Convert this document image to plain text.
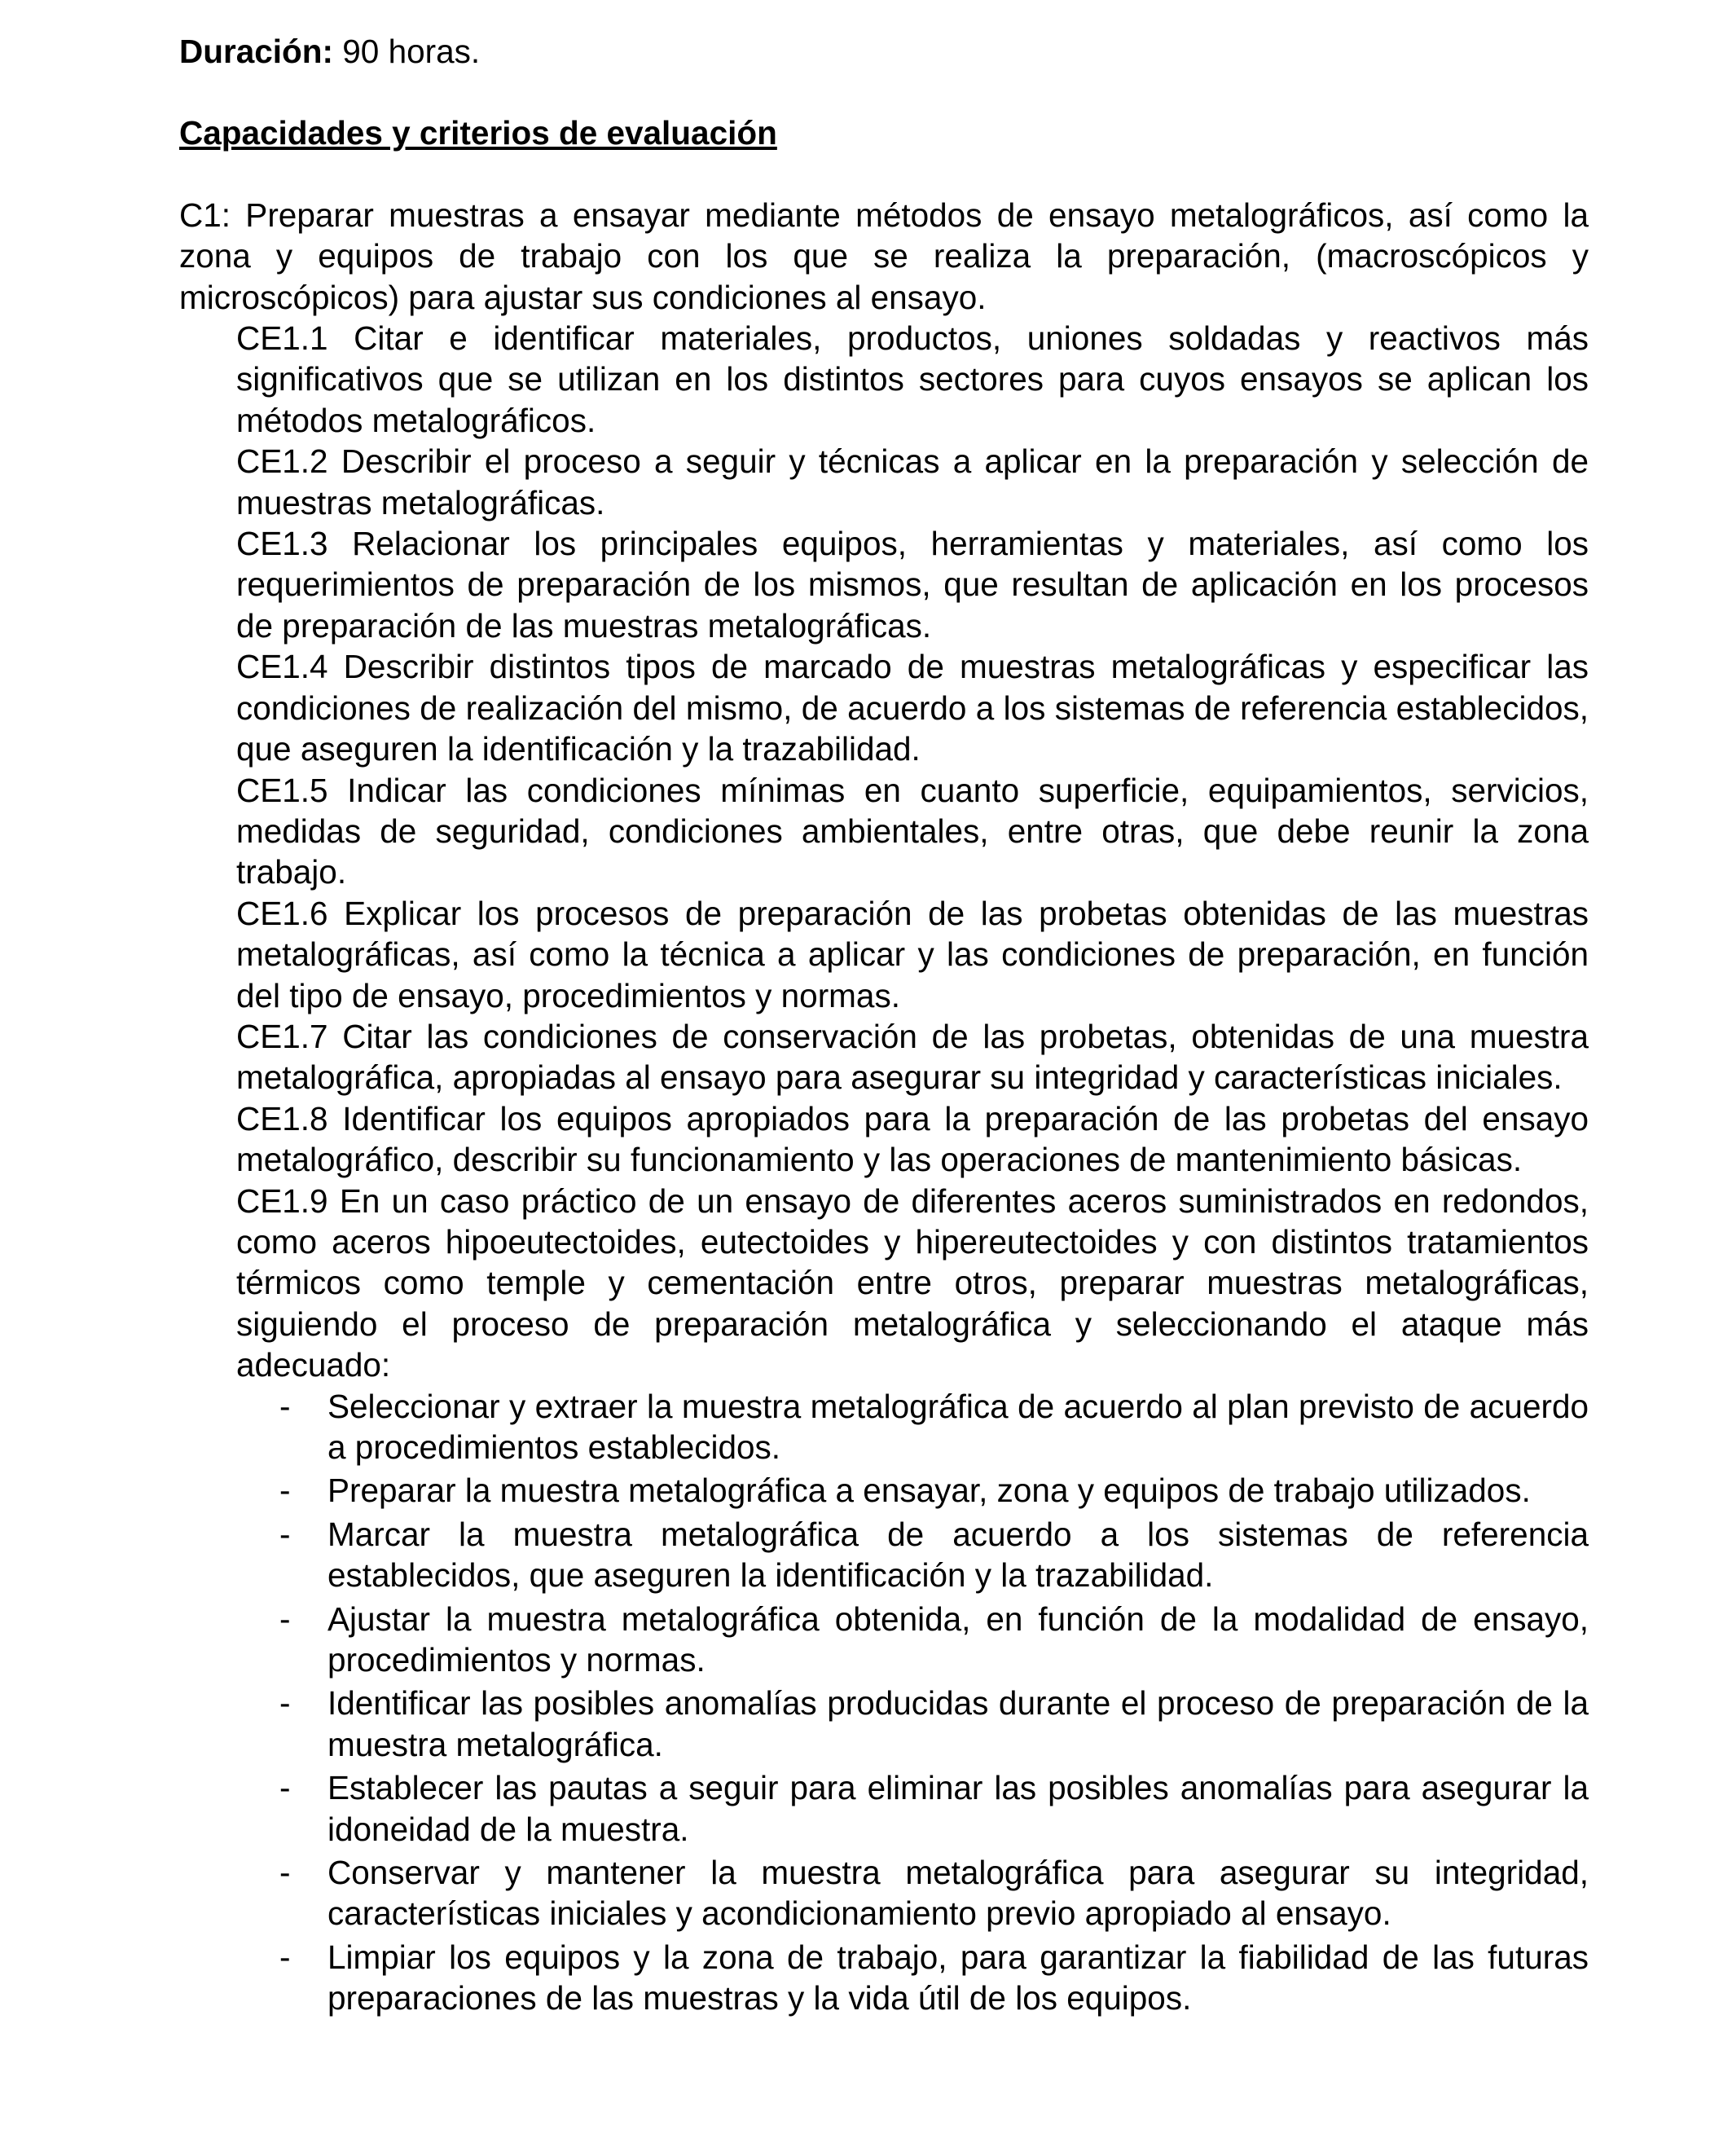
Duración: 90 horas.

Capacidades y criterios de evaluación

C1: Preparar muestras a ensayar mediante métodos de ensayo metalográficos, así como la zona y equipos de trabajo con los que se realiza la preparación, (macroscópicos y microscópicos) para ajustar sus condiciones al ensayo.

CE1.1 Citar e identificar materiales, productos, uniones soldadas y reactivos más significativos que se utilizan en los distintos sectores para cuyos ensayos se aplican los métodos metalográficos.

CE1.2 Describir el proceso a seguir y técnicas a aplicar en la preparación y selección de muestras metalográficas.

CE1.3 Relacionar los principales equipos, herramientas y materiales, así como los requerimientos de preparación de los mismos, que resultan de aplicación en los procesos de preparación de las muestras metalográficas.

CE1.4 Describir distintos tipos de marcado de muestras metalográficas y especificar las condiciones de realización del mismo, de acuerdo a los sistemas de referencia establecidos, que aseguren la identificación y la trazabilidad.

CE1.5 Indicar las condiciones mínimas en cuanto superficie, equipamientos, servicios, medidas de seguridad, condiciones ambientales, entre otras, que debe reunir la zona trabajo.

CE1.6 Explicar los procesos de preparación de las probetas obtenidas de las muestras metalográficas, así como la técnica a aplicar y las condiciones de preparación, en función del tipo de ensayo, procedimientos y normas.

CE1.7 Citar las condiciones de conservación de las probetas, obtenidas de una muestra metalográfica, apropiadas al ensayo para asegurar su integridad y características iniciales.

CE1.8 Identificar los equipos apropiados para la preparación de las probetas del ensayo metalográfico, describir su funcionamiento y las operaciones de mantenimiento básicas.

CE1.9 En un caso práctico de un ensayo de diferentes aceros suministrados en redondos, como aceros hipoeutectoides, eutectoides y hipereutectoides y con distintos tratamientos térmicos como temple y cementación entre otros, preparar muestras metalográficas, siguiendo el proceso de preparación metalográfica y seleccionando el ataque más adecuado:

- Seleccionar y extraer la muestra metalográfica de acuerdo al plan previsto de acuerdo a procedimientos establecidos.
- Preparar la muestra metalográfica a ensayar, zona y equipos de trabajo utilizados.
- Marcar la muestra metalográfica de acuerdo a los sistemas de referencia establecidos, que aseguren la identificación y la trazabilidad.
- Ajustar la muestra metalográfica obtenida, en función de la modalidad de ensayo, procedimientos y normas.
- Identificar las posibles anomalías producidas durante el proceso de preparación de la muestra metalográfica.
- Establecer las pautas a seguir para eliminar las posibles anomalías para asegurar la idoneidad de la muestra.
- Conservar y mantener la muestra metalográfica para asegurar su integridad, características iniciales y acondicionamiento previo apropiado al ensayo.
- Limpiar los equipos y la zona de trabajo, para garantizar la fiabilidad de las futuras preparaciones de las muestras y la vida útil de los equipos.
